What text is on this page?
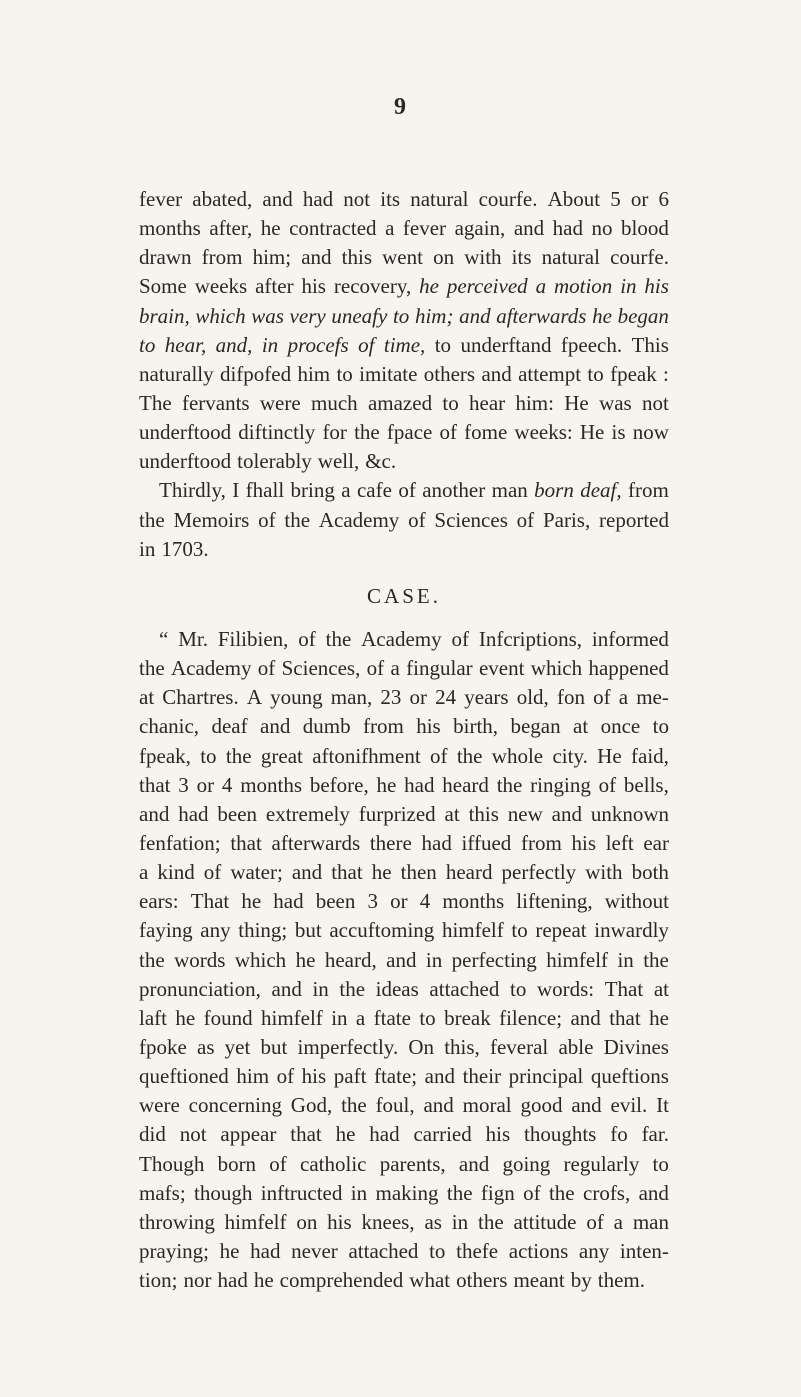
9
fever abated, and had not its natural courfe. About 5 or 6
months after, he contracted a fever again, and had no blood
drawn from him; and this went on with its natural courfe.
Some weeks after his recovery, he perceived a motion in his
brain, which was very uneafy to him; and afterwards he began
to hear, and, in procefs of time, to underftand fpeech. This
naturally difpofed him to imitate others and attempt to fpeak :
The fervants were much amazed to hear him: He was not
underftood diftinctly for the fpace of fome weeks: He is now
underftood tolerably well, &c.
Thirdly, I fhall bring a cafe of another man born deaf, from
the Memoirs of the Academy of Sciences of Paris, reported
in 1703.
CASE.
“ Mr. Filibien, of the Academy of Infcriptions, informed
the Academy of Sciences, of a fingular event which happened
at Chartres. A young man, 23 or 24 years old, fon of a me-
chanic, deaf and dumb from his birth, began at once to
fpeak, to the great aftonifhment of the whole city. He faid,
that 3 or 4 months before, he had heard the ringing of bells,
and had been extremely furprized at this new and unknown
fenfation; that afterwards there had iffued from his left ear
a kind of water; and that he then heard perfectly with both
ears: That he had been 3 or 4 months liftening, without
faying any thing; but accuftoming himfelf to repeat inwardly
the words which he heard, and in perfecting himfelf in the
pronunciation, and in the ideas attached to words: That at
laft he found himfelf in a ftate to break filence; and that he
fpoke as yet but imperfectly. On this, feveral able Divines
queftioned him of his paft ftate; and their principal queftions
were concerning God, the foul, and moral good and evil. It
did not appear that he had carried his thoughts fo far.
Though born of catholic parents, and going regularly to
mafs; though inftructed in making the fign of the crofs, and
throwing himfelf on his knees, as in the attitude of a man
praying; he had never attached to thefe actions any inten-
tion; nor had he comprehended what others meant by them.
